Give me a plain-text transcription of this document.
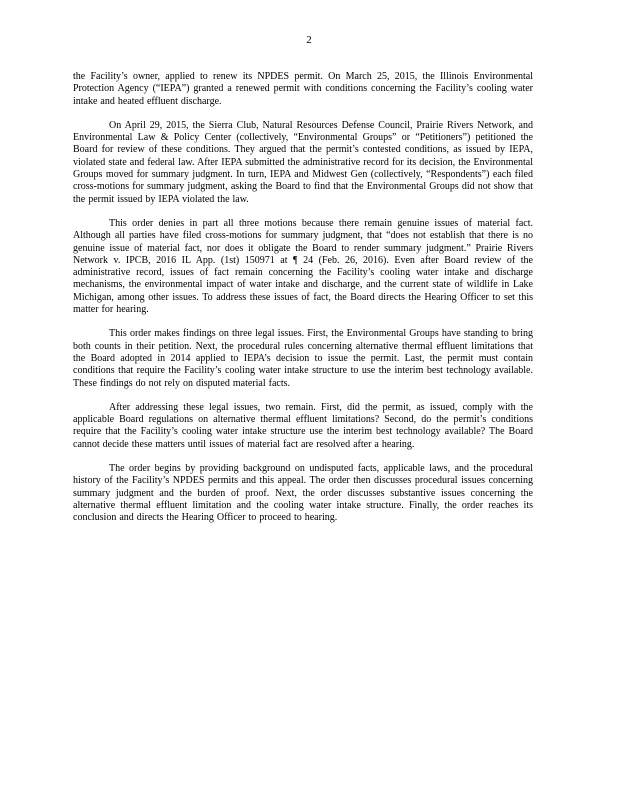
2

the Facility’s owner, applied to renew its NPDES permit. On March 25, 2015, the Illinois Environmental Protection Agency (“IEPA”) granted a renewed permit with conditions concerning the Facility’s cooling water intake and heated effluent discharge.

On April 29, 2015, the Sierra Club, Natural Resources Defense Council, Prairie Rivers Network, and Environmental Law & Policy Center (collectively, “Environmental Groups” or “Petitioners”) petitioned the Board for review of these conditions. They argued that the permit’s contested conditions, as issued by IEPA, violated state and federal law. After IEPA submitted the administrative record for its decision, the Environmental Groups moved for summary judgment. In turn, IEPA and Midwest Gen (collectively, “Respondents”) each filed cross-motions for summary judgment, asking the Board to find that the Environmental Groups did not show that the permit issued by IEPA violated the law.

This order denies in part all three motions because there remain genuine issues of material fact. Although all parties have filed cross-motions for summary judgment, that “does not establish that there is no genuine issue of material fact, nor does it obligate the Board to render summary judgment.” Prairie Rivers Network v. IPCB, 2016 IL App. (1st) 150971 at ¶ 24 (Feb. 26, 2016). Even after Board review of the administrative record, issues of fact remain concerning the Facility’s cooling water intake and discharge mechanisms, the environmental impact of water intake and discharge, and the current state of wildlife in Lake Michigan, among other issues. To address these issues of fact, the Board directs the Hearing Officer to set this matter for hearing.

This order makes findings on three legal issues. First, the Environmental Groups have standing to bring both counts in their petition. Next, the procedural rules concerning alternative thermal effluent limitations that the Board adopted in 2014 applied to IEPA’s decision to issue the permit. Last, the permit must contain conditions that require the Facility’s cooling water intake structure to use the interim best technology available. These findings do not rely on disputed material facts.

After addressing these legal issues, two remain. First, did the permit, as issued, comply with the applicable Board regulations on alternative thermal effluent limitations? Second, do the permit’s conditions require that the Facility’s cooling water intake structure use the interim best technology available? The Board cannot decide these matters until issues of material fact are resolved after a hearing.

The order begins by providing background on undisputed facts, applicable laws, and the procedural history of the Facility’s NPDES permits and this appeal. The order then discusses procedural issues concerning summary judgment and the burden of proof. Next, the order discusses substantive issues concerning the alternative thermal effluent limitation and the cooling water intake structure. Finally, the order reaches its conclusion and directs the Hearing Officer to proceed to hearing.
